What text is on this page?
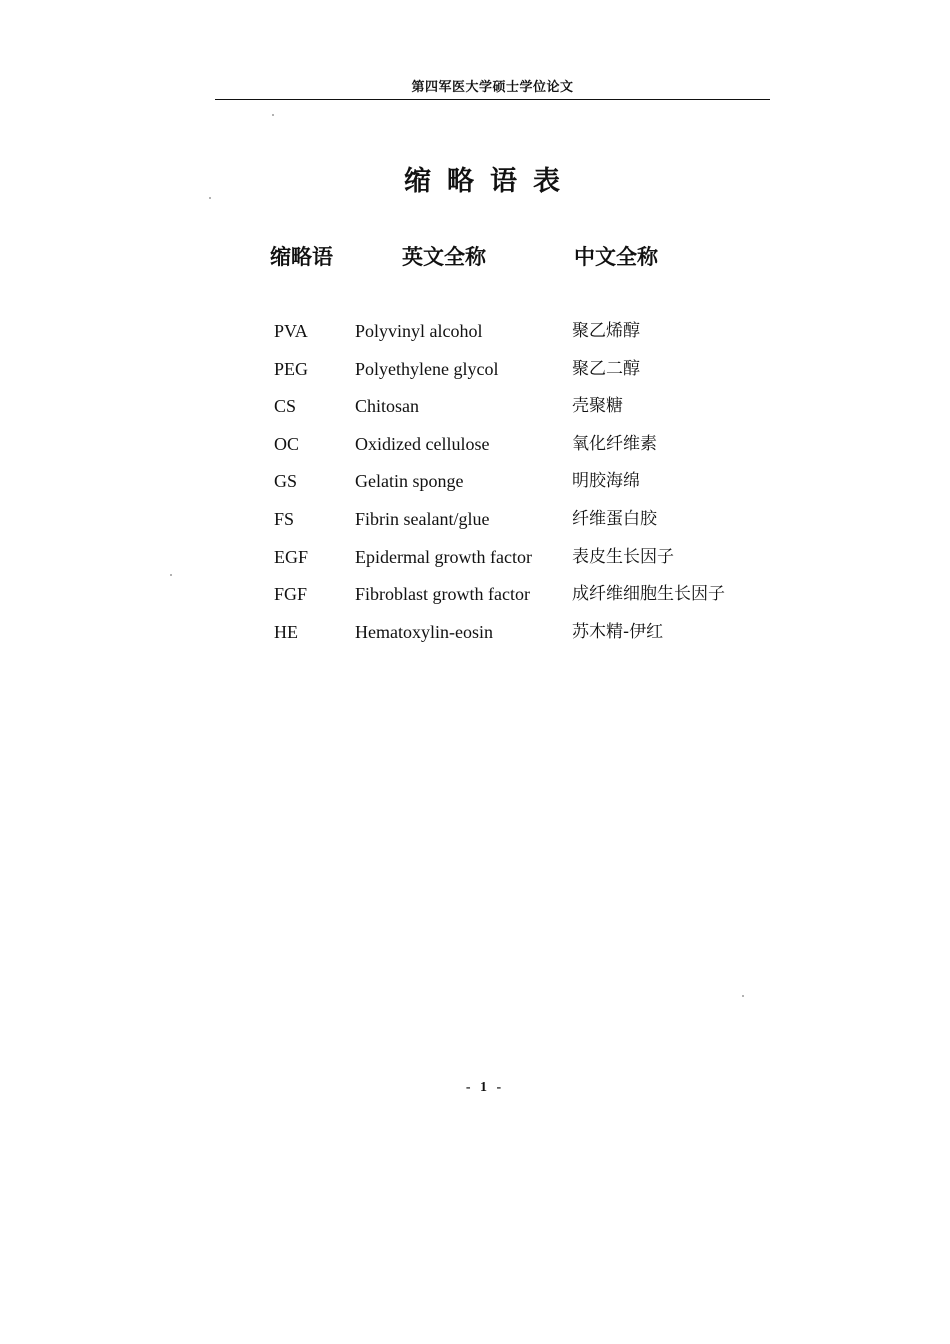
第四军医大学硕士学位论文
缩略语表
缩略语	英文全称	中文全称
PVA	Polyvinyl alcohol	聚乙烯醇
PEG	Polyethylene glycol	聚乙二醇
CS	Chitosan	壳聚糖
OC	Oxidized cellulose	氧化纤维素
GS	Gelatin sponge	明胶海绵
FS	Fibrin sealant/glue	纤维蛋白胶
EGF	Epidermal growth factor 表皮生长因子
FGF	Fibroblast growth factor 成纤维细胞生长因子
HE	Hematoxylin-eosin	苏木精-伊红
- 1 -
